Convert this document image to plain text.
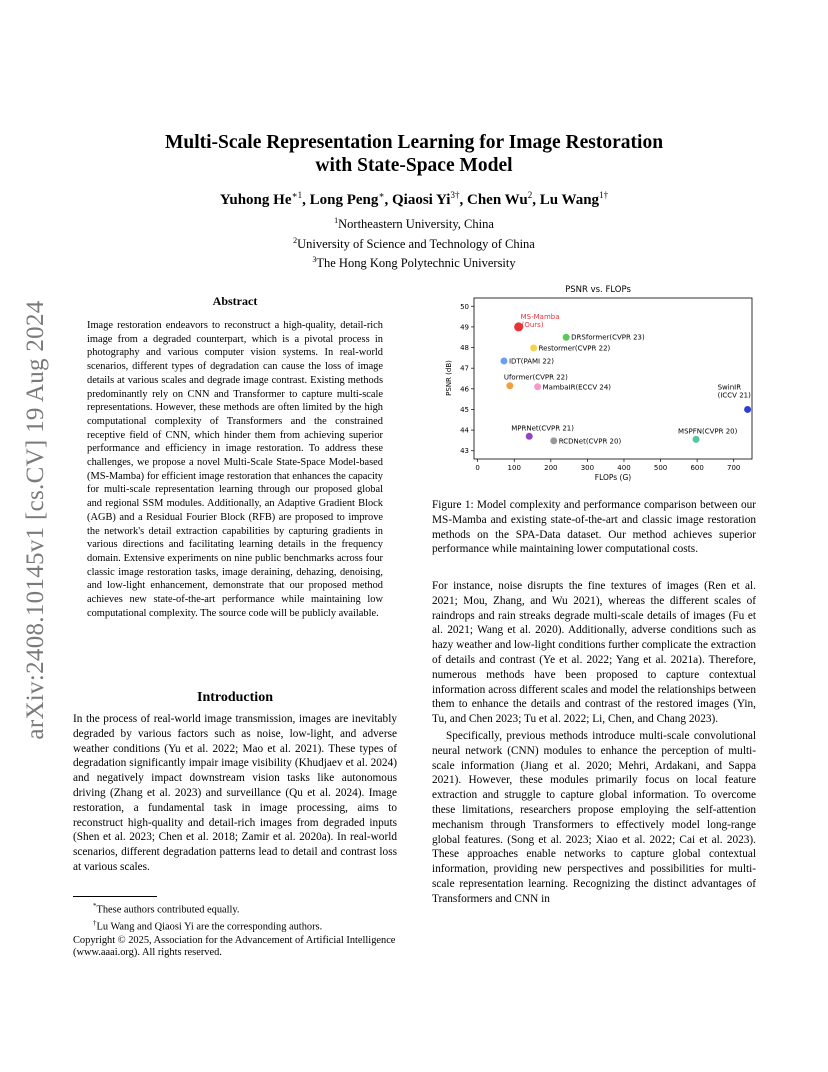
arXiv:2408.10145v1 [cs.CV] 19 Aug 2024
Multi-Scale Representation Learning for Image Restoration
with State-Space Model
Yuhong $He^{∗1}$, Long Peng∗, Qiaosi $Yi^{3\dagger}$, Chen Wu$^2$, Lu Wang$^{1\dagger}$
$^1$Northeastern University, China
$^2$University of Science and Technology of China
$^3$The Hong Kong Polytechnic University
Abstract
Image restoration endeavors to reconstruct a high-quality, detail-rich image from a degraded counterpart, which is a pivotal process in photography and various computer vision systems. In real-world scenarios, different types of degradation can cause the loss of image details at various scales and degrade image contrast. Existing methods predominantly rely on CNN and Transformer to capture multi-scale representations. However, these methods are often limited by the high computational complexity of Transformers and the constrained receptive field of CNN, which hinder them from achieving superior performance and efficiency in image restoration. To address these challenges, we propose a novel Multi-Scale State-Space Model-based (MS-Mamba) for efficient image restoration that enhances the capacity for multi-scale representation learning through our proposed global and regional SSM modules. Additionally, an Adaptive Gradient Block (AGB) and a Residual Fourier Block (RFB) are proposed to improve the network's detail extraction capabilities by capturing gradients in various directions and facilitating learning details in the frequency domain. Extensive experiments on nine public benchmarks across four classic image restoration tasks, image deraining, dehazing, denoising, and low-light enhancement, demonstrate that our proposed method achieves new state-of-the-art performance while maintaining low computational complexity. The source code will be publicly available.
Introduction

In the process of real-world image transmission, images are inevitably degraded by various factors such as noise, low-light, and adverse weather conditions (Yu et al. 2022; Mao et al. 2021). These types of degradation significantly impair image visibility (Khudjaev et al. 2024) and negatively impact downstream vision tasks like autonomous driving (Zhang et al. 2023) and surveillance (Qu et al. 2024). Image restoration, a fundamental task in image processing, aims to reconstruct high-quality and detail-rich images from degraded inputs (Shen et al. 2023; Chen et al. 2018; Zamir et al. 2020a). In real-world scenarios, different degradation patterns lead to detail and contrast loss at various scales.

*These authors contributed equally.

†Lu Wang and Qiaosi Yi are the corresponding authors.

Copyright © 2025, Association for the Advancement of Artificial Intelligence (www.aaai.org). All rights reserved.

PSNR vs. FLOPs
43
44
45
46
47
48
49
50
0	100	200	300	400	500	600	700
FLOPs (G)
PSNR (dB)
MS-Mamba
(Ours)
DRSformer(CVPR 23)
Restormer(CVPR 22)
IDT(PAMI 22)
Uformer(CVPR 22)
MambaIR(ECCV 24)	SwinIR
(ICCV 21)
MPRNet(CVPR 21)
RCDNet(CVPR 20)
MSPFN(CVPR 20)
Figure 1: Model complexity and performance comparison between our MS-Mamba and existing state-of-the-art and classic image restoration methods on the SPA-Data dataset. Our method achieves superior performance while maintaining lower computational costs.

For instance, noise disrupts the fine textures of images (Ren et al. 2021; Mou, Zhang, and Wu 2021), whereas the different scales of raindrops and rain streaks degrade multi-scale details of images (Fu et al. 2021; Wang et al. 2020). Additionally, adverse conditions such as hazy weather and low-light conditions further complicate the extraction of details and contrast (Ye et al. 2022; Yang et al. 2021a). Therefore, numerous methods have been proposed to capture contextual information across different scales and model the relationships between them to enhance the details and contrast of the restored images (Yin, Tu, and Chen 2023; Tu et al. 2022; Li, Chen, and Chang 2023).

Specifically, previous methods introduce multi-scale convolutional neural network (CNN) modules to enhance the perception of multi-scale information (Jiang et al. 2020; Mehri, Ardakani, and Sappa 2021). However, these modules primarily focus on local feature extraction and struggle to capture global information. To overcome these limitations, researchers propose employing the self-attention mechanism through Transformers to effectively model long-range global features. (Song et al. 2023; Xiao et al. 2022; Cai et al. 2023). These approaches enable networks to capture global contextual information, providing new perspectives and possibilities for multi-scale representation learning. Recognizing the distinct advantages of Transformers and CNN in
